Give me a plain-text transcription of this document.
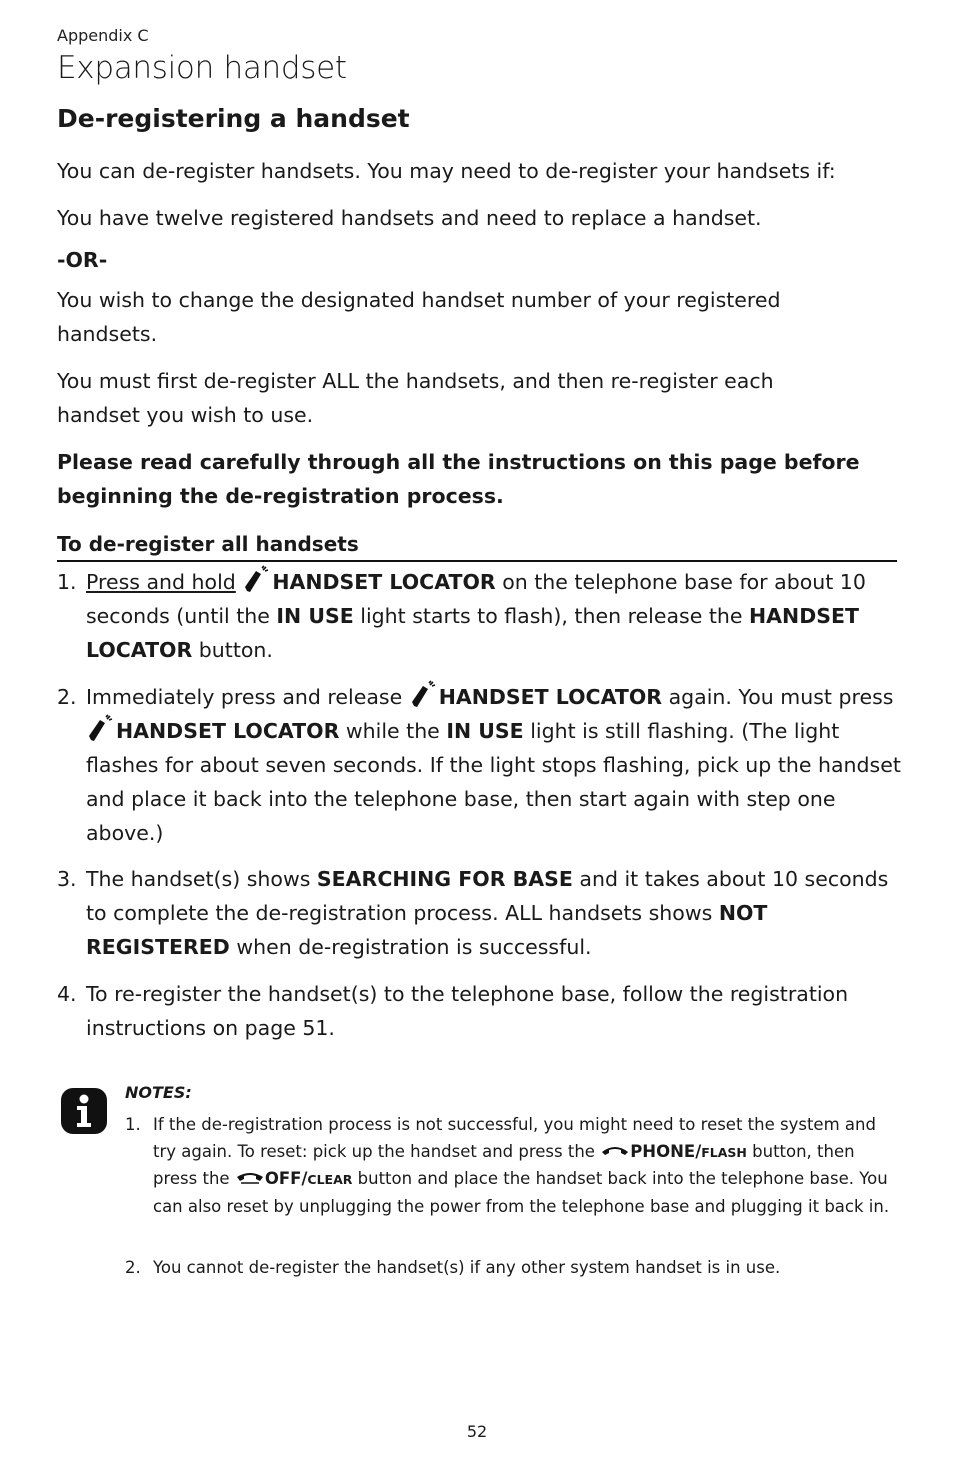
Appendix C
Expansion handset
De-registering a handset
You can de-register handsets. You may need to de-register your handsets if:
You have twelve registered handsets and need to replace a handset.
-OR-
You wish to change the designated handset number of your registered handsets.
You must first de-register ALL the handsets, and then re-register each handset you wish to use.
Please read carefully through all the instructions on this page before beginning the de-registration process.
To de-register all handsets
1. Press and hold HANDSET LOCATOR on the telephone base for about 10 seconds (until the IN USE light starts to flash), then release the HANDSET LOCATOR button.
2. Immediately press and release HANDSET LOCATOR again. You must press HANDSET LOCATOR while the IN USE light is still flashing. (The light flashes for about seven seconds. If the light stops flashing, pick up the handset and place it back into the telephone base, then start again with step one above.)
3. The handset(s) shows SEARCHING FOR BASE and it takes about 10 seconds to complete the de-registration process. ALL handsets shows NOT REGISTERED when de-registration is successful.
4. To re-register the handset(s) to the telephone base, follow the registration instructions on page 51.
NOTES:
1. If the de-registration process is not successful, you might need to reset the system and try again. To reset: pick up the handset and press the PHONE/FLASH button, then press the OFF/CLEAR button and place the handset back into the telephone base. You can also reset by unplugging the power from the telephone base and plugging it back in.
2. You cannot de-register the handset(s) if any other system handset is in use.
52
